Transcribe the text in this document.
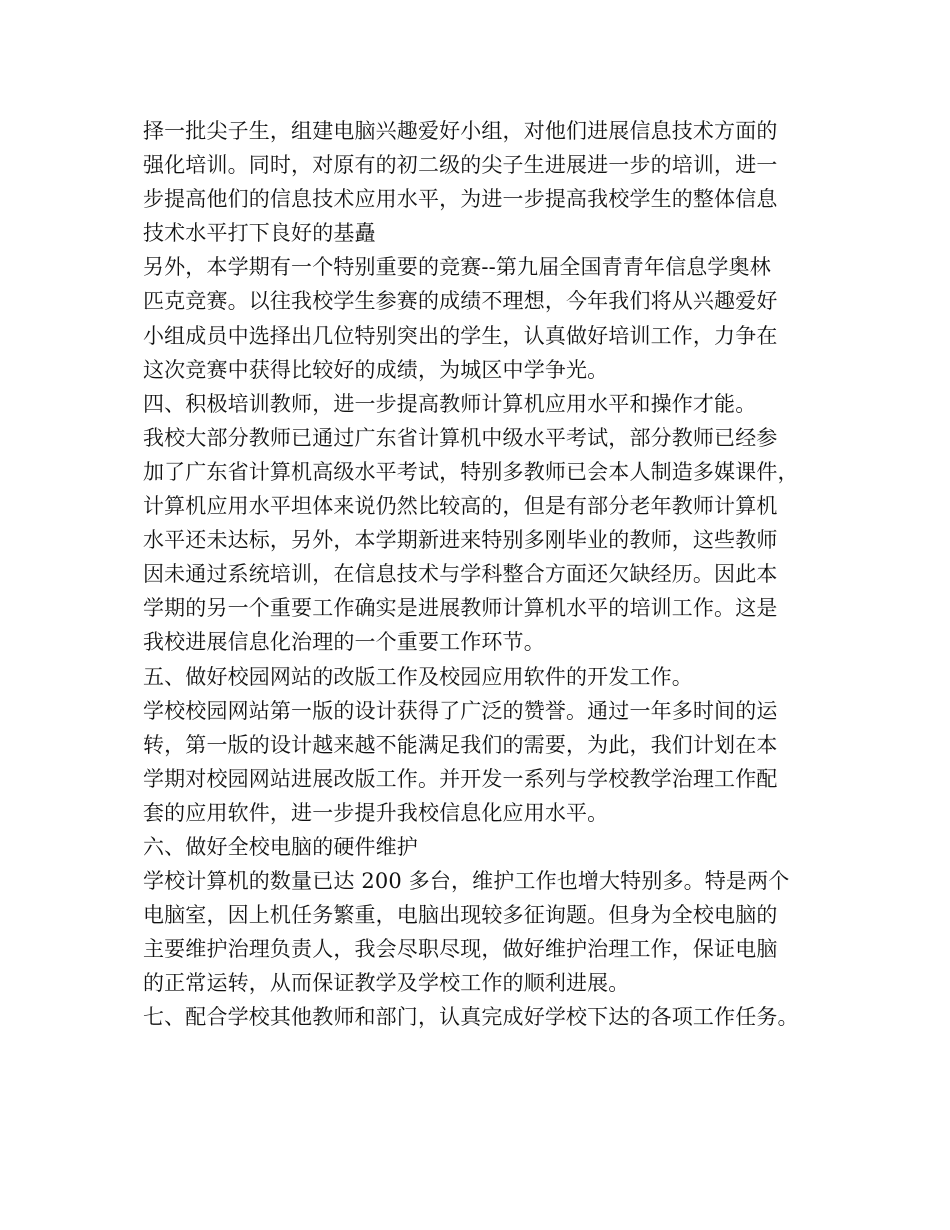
择一批尖子生，组建电脑兴趣爱好小组，对他们进展信息技术方面的
强化培训。同时，对原有的初二级的尖子生进展进一步的培训，进一
步提高他们的信息技术应用水平，为进一步提高我校学生的整体信息
技术水平打下良好的基矗
另外，本学期有一个特别重要的竞赛--第九届全国青青年信息学奥林
匹克竞赛。以往我校学生参赛的成绩不理想，今年我们将从兴趣爱好
小组成员中选择出几位特别突出的学生，认真做好培训工作，力争在
这次竞赛中获得比较好的成绩，为城区中学争光。
四、积极培训教师，进一步提高教师计算机应用水平和操作才能。
我校大部分教师已通过广东省计算机中级水平考试，部分教师已经参
加了广东省计算机高级水平考试，特别多教师已会本人制造多媒课件，
计算机应用水平坦体来说仍然比较高的，但是有部分老年教师计算机
水平还未达标，另外，本学期新进来特别多刚毕业的教师，这些教师
因未通过系统培训，在信息技术与学科整合方面还欠缺经历。因此本
学期的另一个重要工作确实是进展教师计算机水平的培训工作。这是
我校进展信息化治理的一个重要工作环节。
五、做好校园网站的改版工作及校园应用软件的开发工作。
学校校园网站第一版的设计获得了广泛的赞誉。通过一年多时间的运
转，第一版的设计越来越不能满足我们的需要，为此，我们计划在本
学期对校园网站进展改版工作。并开发一系列与学校教学治理工作配
套的应用软件，进一步提升我校信息化应用水平。
六、做好全校电脑的硬件维护
学校计算机的数量已达 200 多台，维护工作也增大特别多。特是两个
电脑室，因上机任务繁重，电脑出现较多征询题。但身为全校电脑的
主要维护治理负责人，我会尽职尽现，做好维护治理工作，保证电脑
的正常运转，从而保证教学及学校工作的顺利进展。
七、配合学校其他教师和部门，认真完成好学校下达的各项工作任务。
